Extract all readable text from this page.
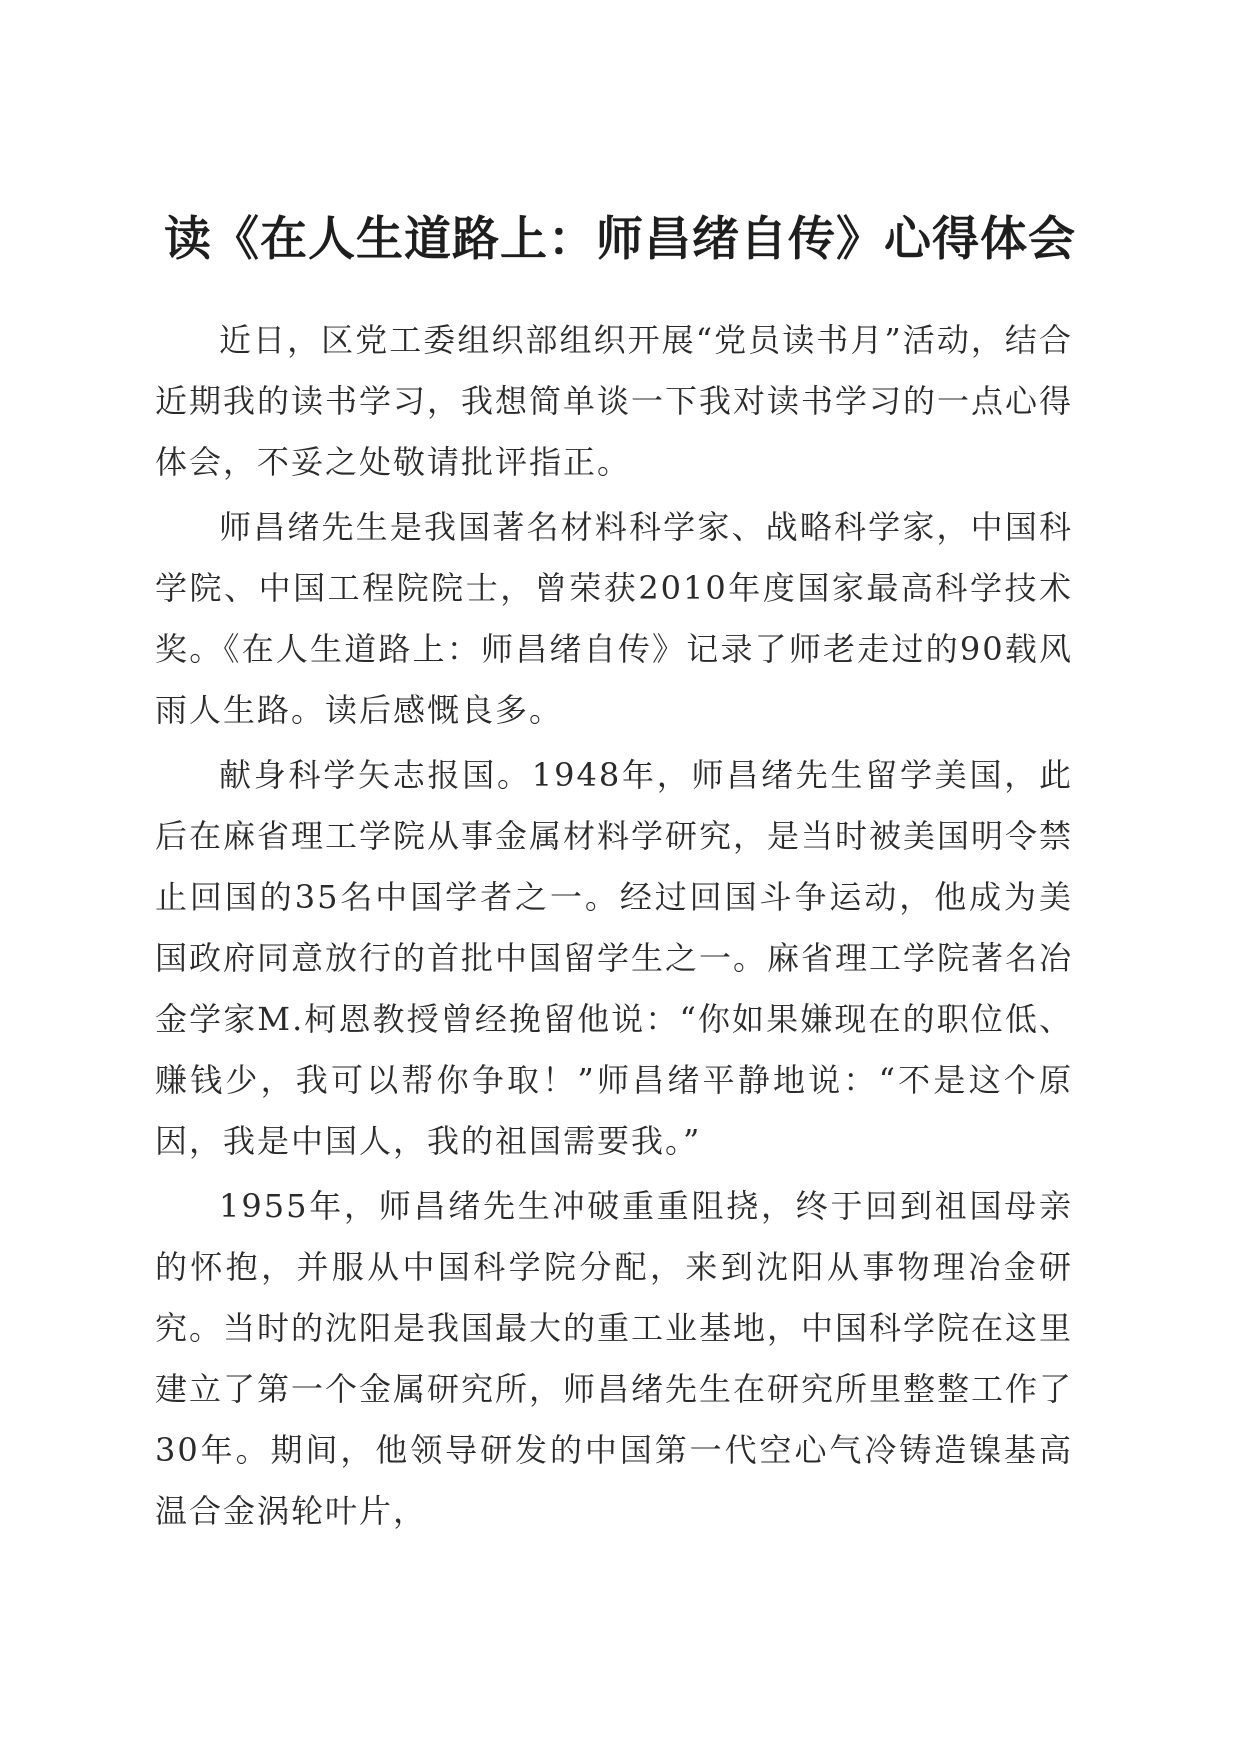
读《在人生道路上：师昌绪自传》心得体会

近日，区党工委组织部组织开展“党员读书月”活动，结合近期我的读书学习，我想简单谈一下我对读书学习的一点心得体会，不妥之处敬请批评指正。

师昌绪先生是我国著名材料科学家、战略科学家，中国科学院、中国工程院院士，曾荣获2010年度国家最高科学技术奖。《在人生道路上：师昌绪自传》记录了师老走过的90载风雨人生路。读后感慨良多。

献身科学矢志报国。1948年，师昌绪先生留学美国，此后在麻省理工学院从事金属材料学研究，是当时被美国明令禁止回国的35名中国学者之一。经过回国斗争运动，他成为美国政府同意放行的首批中国留学生之一。麻省理工学院著名冶金学家M.柯恩教授曾经挽留他说：“你如果嫌现在的职位低、赚钱少，我可以帮你争取！”师昌绪平静地说：“不是这个原因，我是中国人，我的祖国需要我。”

1955年，师昌绪先生冲破重重阻挠，终于回到祖国母亲的怀抱，并服从中国科学院分配，来到沈阳从事物理冶金研究。当时的沈阳是我国最大的重工业基地，中国科学院在这里建立了第一个金属研究所，师昌绪先生在研究所里整整工作了30年。期间，他领导研发的中国第一代空心气冷铸造镍基高温合金涡轮叶片，
